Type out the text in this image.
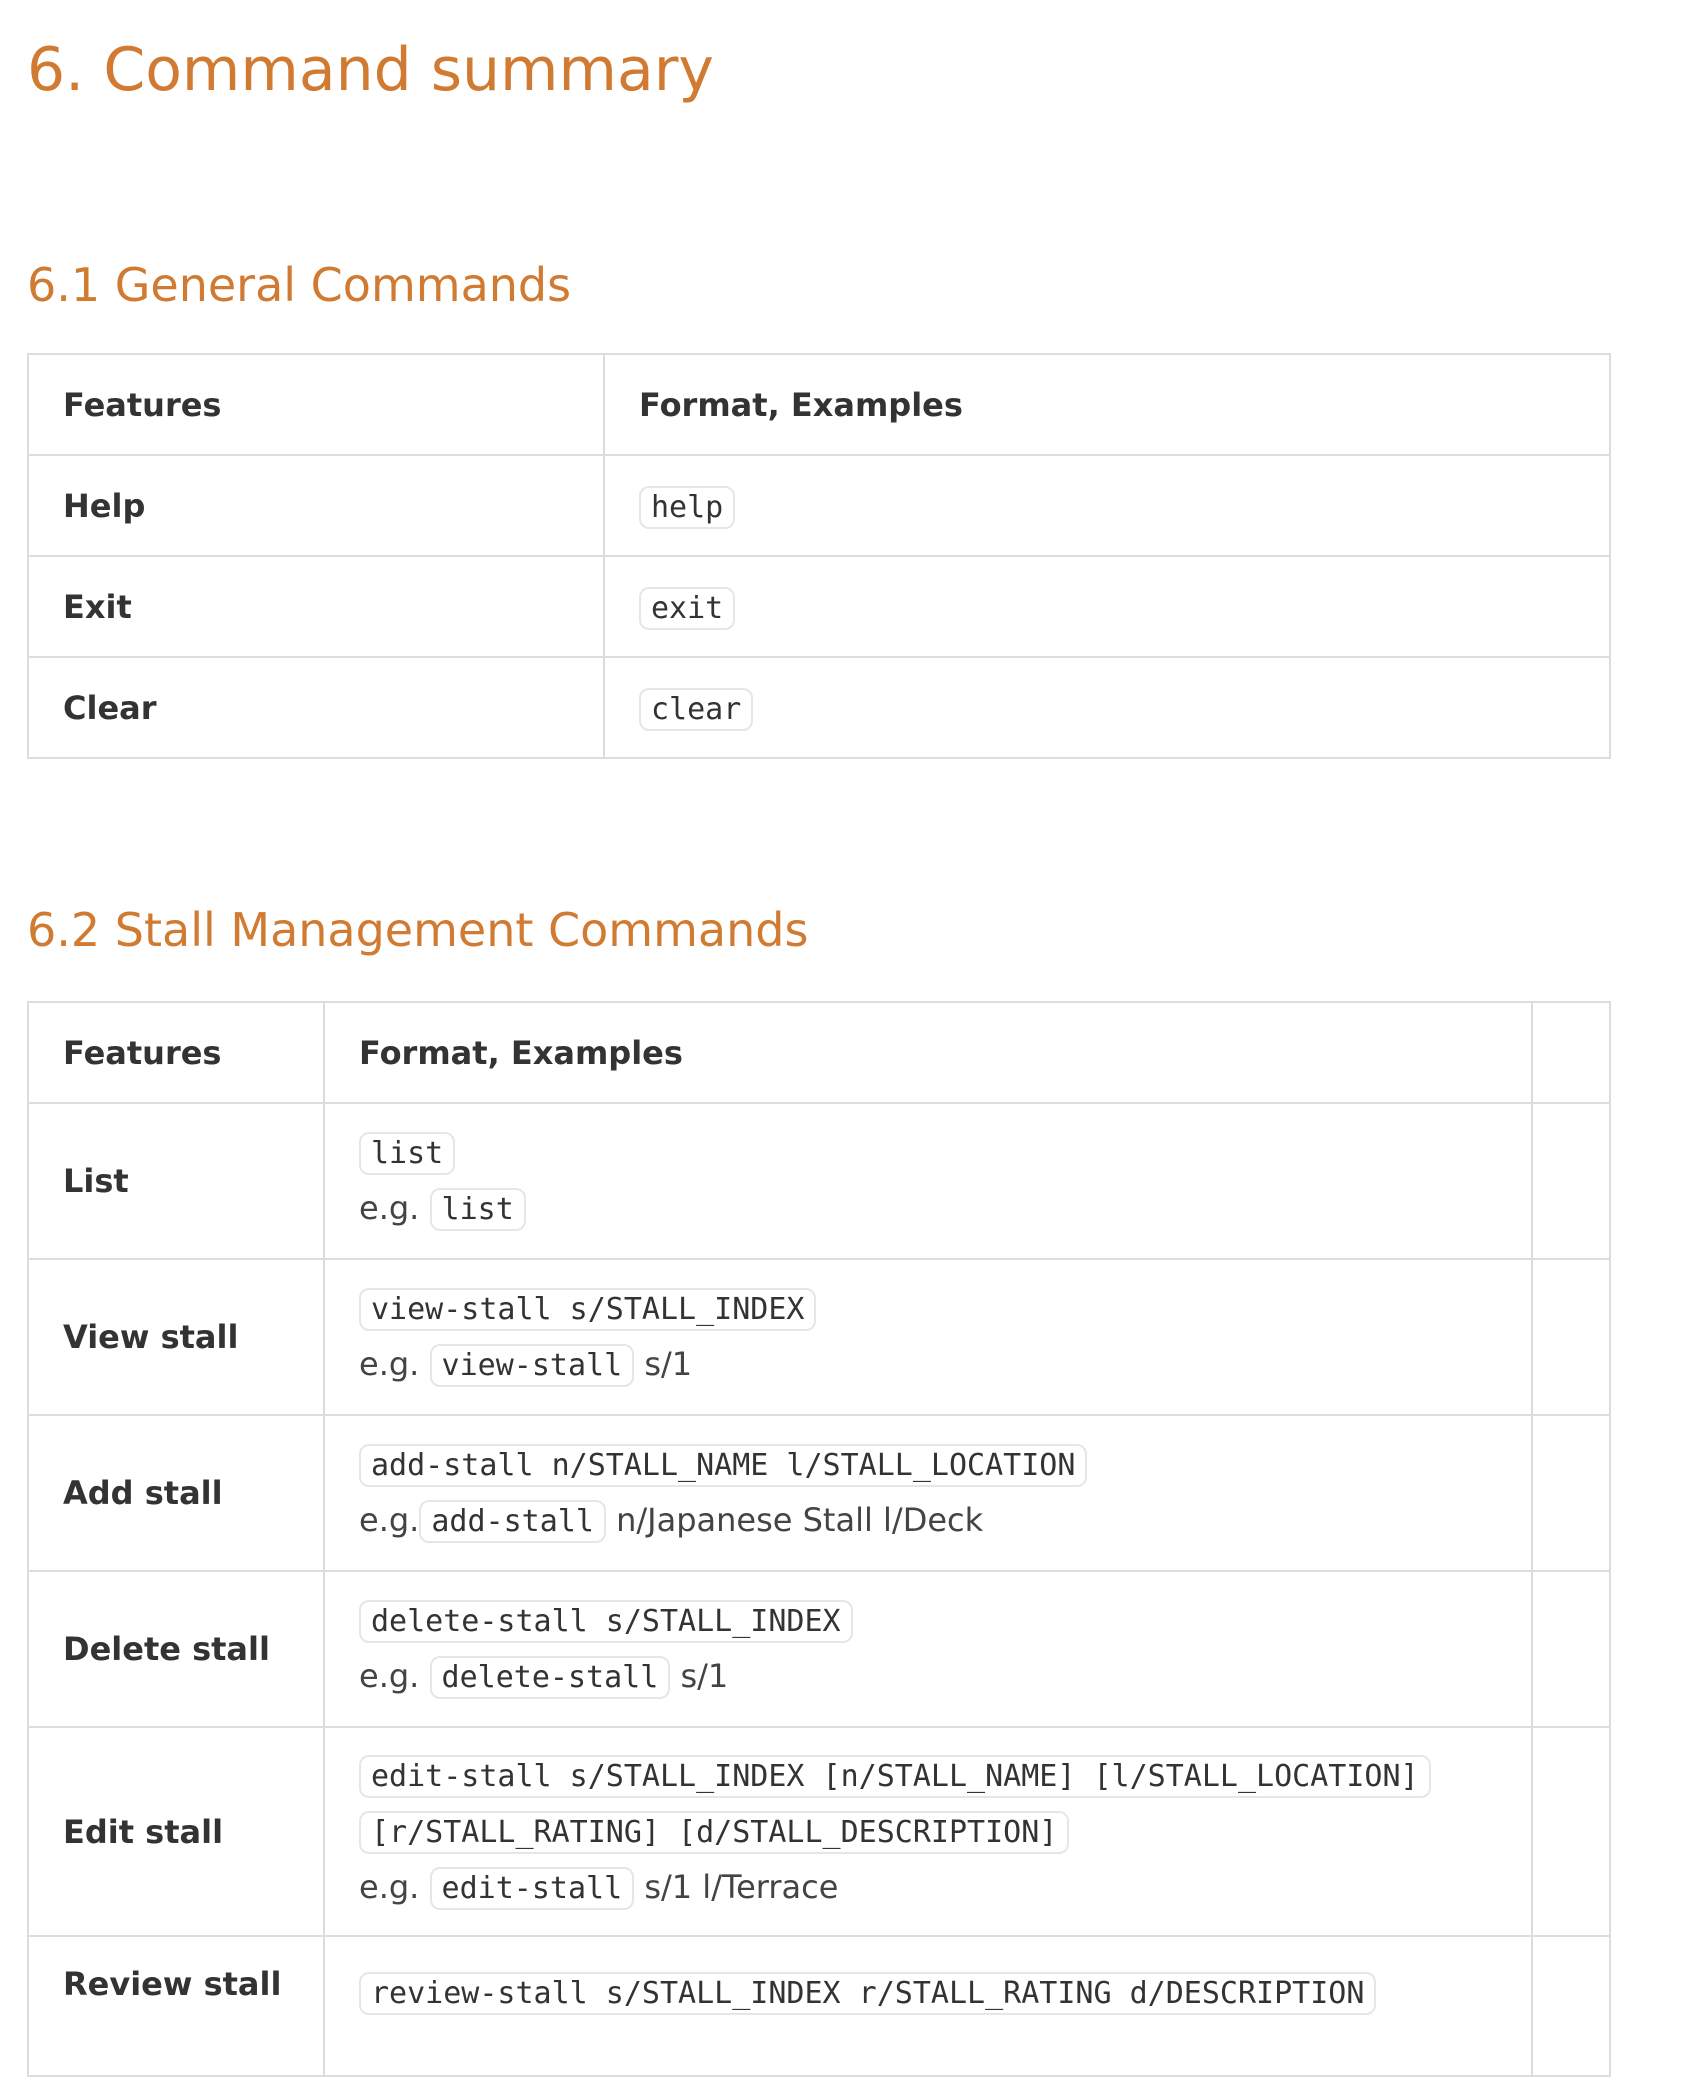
6. Command summary
6.1 General Commands
Features	Format, Examples
Help	help
Exit	exit
Clear	clear
6.2 Stall Management Commands
Features	Format, Examples	
List	list
e.g. list	

View stall	view-stall s/STALL_INDEX
e.g. view-stall s/1	

Add stall	add-stall n/STALL_NAME l/STALL_LOCATION
e.g. add-stall n/Japanese Stall l/Deck	

Delete stall	delete-stall s/STALL_INDEX
e.g. delete-stall s/1	

Edit stall	edit-stall s/STALL_INDEX [n/STALL_NAME] [l/STALL_LOCATION]
[r/STALL_RATING] [d/STALL_DESCRIPTION]
e.g. edit-stall s/1 l/Terrace	

Review stall	review-stall s/STALL_INDEX r/STALL_RATING d/DESCRIPTION	
